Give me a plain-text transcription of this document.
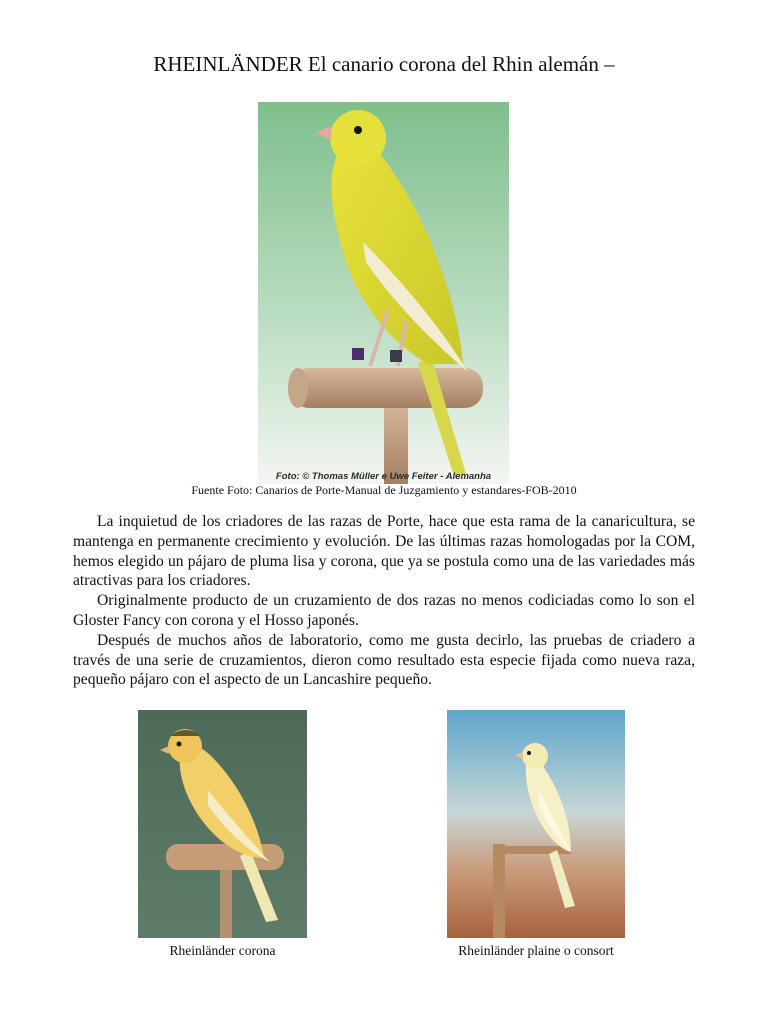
RHEINLÄNDER El canario corona del Rhin alemán –
Foto: © Thomas Müller e Uwe Feiter - Alemanha
Fuente Foto: Canarios de Porte-Manual de Juzgamiento y estandares-FOB-2010

La inquietud de los criadores de las razas de Porte, hace que esta rama de la canaricultura, se mantenga en permanente crecimiento y evolución. De las últimas razas homologadas por la COM, hemos elegido un pájaro de pluma lisa y corona, que ya se postula como una de las variedades más atractivas para los criadores.

Originalmente producto de un cruzamiento de dos razas no menos codiciadas como lo son el Gloster Fancy con corona y el Hosso japonés.

Después de muchos años de laboratorio, como me gusta decirlo, las pruebas de criadero a través de una serie de cruzamientos, dieron como resultado esta especie fijada como nueva raza, pequeño pájaro con el aspecto de un Lancashire pequeño.

Rheinländer corona	Rheinländer plaine o consort
